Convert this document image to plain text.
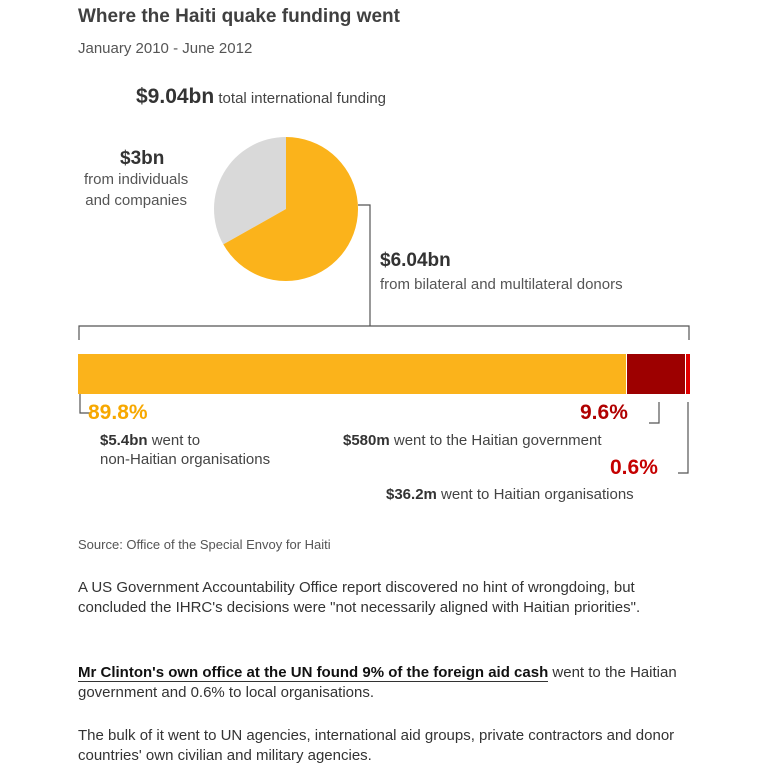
Where the Haiti quake funding went
January 2010 - June 2012
$9.04bn total international funding
$3bn
from individuals
and companies
$6.04bn
from bilateral and multilateral donors
89.8%
$5.4bn went to
non-Haitian organisations
9.6%
$580m went to the Haitian government
0.6%
$36.2m went to Haitian organisations
Source: Office of the Special Envoy for Haiti
A US Government Accountability Office report discovered no hint of wrongdoing, but concluded the IHRC's decisions were "not necessarily aligned with Haitian priorities".
Mr Clinton's own office at the UN found 9% of the foreign aid cash went to the Haitian government and 0.6% to local organisations.
The bulk of it went to UN agencies, international aid groups, private contractors and donor countries' own civilian and military agencies.
